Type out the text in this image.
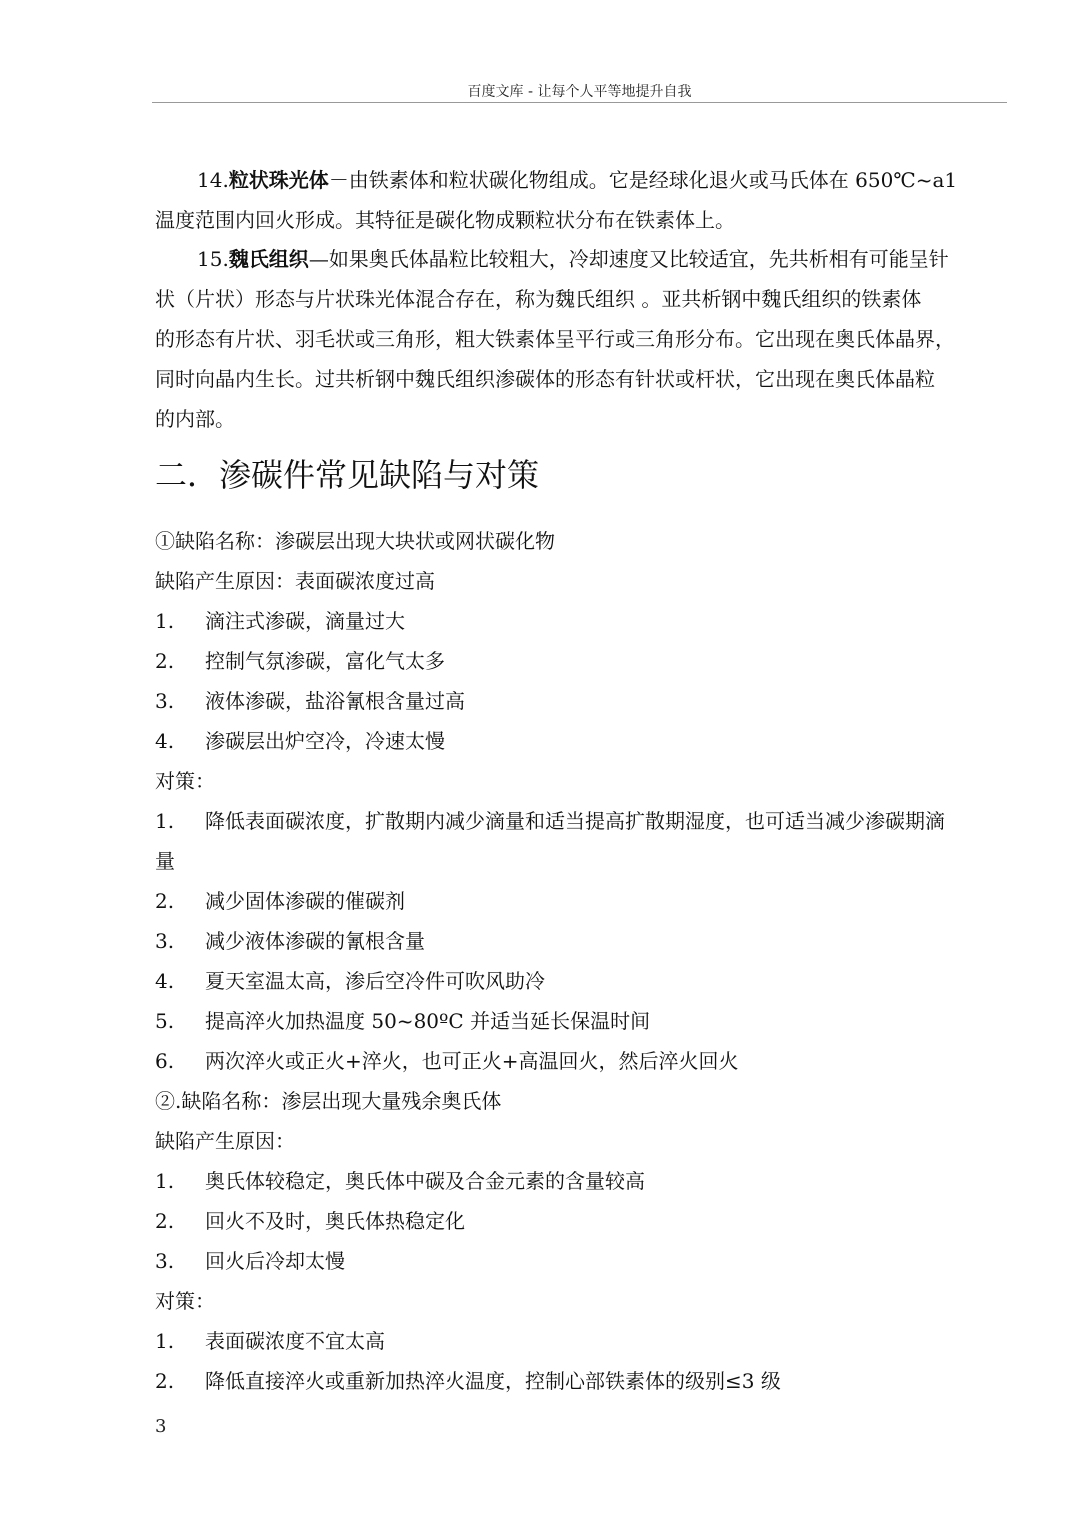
百度文库 - 让每个人平等地提升自我
14.粒状珠光体－由铁素体和粒状碳化物组成。它是经球化退火或马氏体在 650℃~a1
温度范围内回火形成。其特征是碳化物成颗粒状分布在铁素体上。
15.魏氏组织—如果奥氏体晶粒比较粗大，冷却速度又比较适宜，先共析相有可能呈针
状（片状）形态与片状珠光体混合存在，称为魏氏组织 。亚共析钢中魏氏组织的铁素体
的形态有片状、羽毛状或三角形，粗大铁素体呈平行或三角形分布。它出现在奥氏体晶界，
同时向晶内生长。过共析钢中魏氏组织渗碳体的形态有针状或杆状，它出现在奥氏体晶粒
的内部。
二．渗碳件常见缺陷与对策
①缺陷名称：渗碳层出现大块状或网状碳化物
缺陷产生原因：表面碳浓度过高
1. 滴注式渗碳，滴量过大
2. 控制气氛渗碳，富化气太多
3. 液体渗碳，盐浴氰根含量过高
4. 渗碳层出炉空冷，冷速太慢
对策：
1. 降低表面碳浓度，扩散期内减少滴量和适当提高扩散期湿度，也可适当减少渗碳期滴
量
2. 减少固体渗碳的催碳剂
3. 减少液体渗碳的氰根含量
4. 夏天室温太高，渗后空冷件可吹风助冷
5. 提高淬火加热温度 50~80ºC 并适当延长保温时间
6. 两次淬火或正火+淬火，也可正火+高温回火，然后淬火回火
②.缺陷名称：渗层出现大量残余奥氏体
缺陷产生原因：
1. 奥氏体较稳定，奥氏体中碳及合金元素的含量较高
2. 回火不及时，奥氏体热稳定化
3. 回火后冷却太慢
对策：
1. 表面碳浓度不宜太高
2. 降低直接淬火或重新加热淬火温度，控制心部铁素体的级别≤3 级
3
